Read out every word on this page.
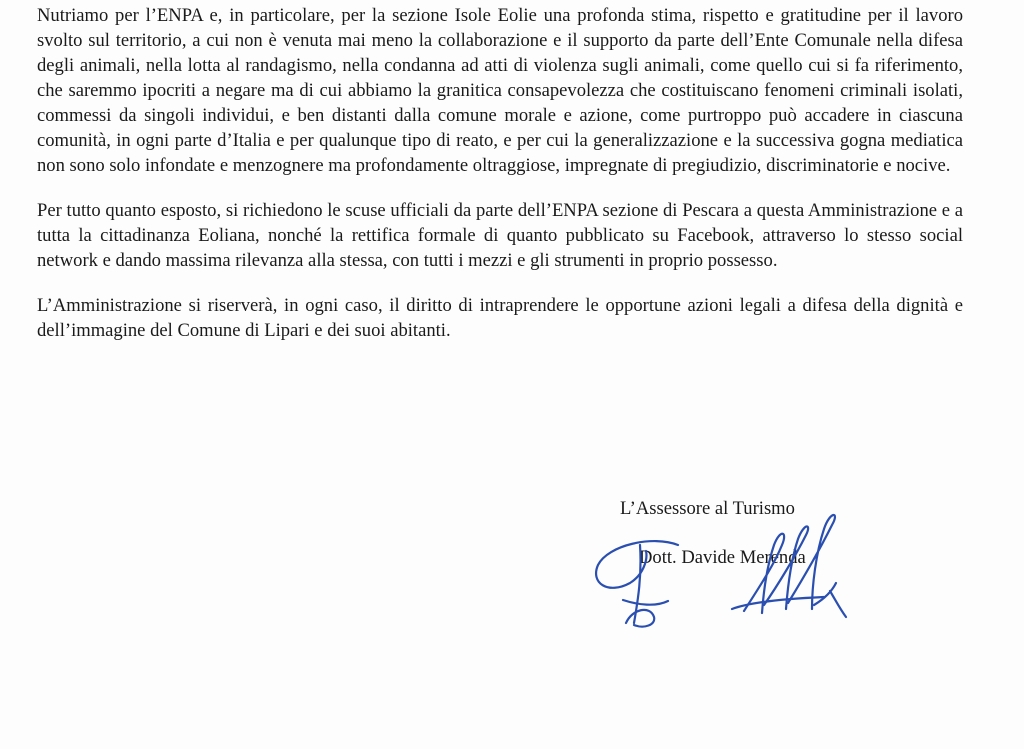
Nutriamo per l’ENPA e, in particolare, per la sezione Isole Eolie una profonda stima, rispetto e gratitudine per il lavoro svolto sul territorio, a cui non è venuta mai meno la collaborazione e il supporto da parte dell’Ente Comunale nella difesa degli animali, nella lotta al randagismo, nella condanna ad atti di violenza sugli animali, come quello cui si fa riferimento, che saremmo ipocriti a negare ma di cui abbiamo la granitica consapevolezza che costituiscano fenomeni criminali isolati, commessi da singoli individui, e ben distanti dalla comune morale e azione, come purtroppo può accadere in ciascuna comunità, in ogni parte d’Italia e per qualunque tipo di reato, e per cui la generalizzazione e la successiva gogna mediatica non sono solo infondate e menzognere ma profondamente oltraggiose, impregnate di pregiudizio, discriminatorie e nocive.

Per tutto quanto esposto, si richiedono le scuse ufficiali da parte dell’ENPA sezione di Pescara a questa Amministrazione e a tutta la cittadinanza Eoliana, nonché la rettifica formale di quanto pubblicato su Facebook, attraverso lo stesso social network e dando massima rilevanza alla stessa, con tutti i mezzi e gli strumenti in proprio possesso.

L’Amministrazione si riserverà, in ogni caso, il diritto di intraprendere le opportune azioni legali a difesa della dignità e dell’immagine del Comune di Lipari e dei suoi abitanti.

L’Assessore al Turismo
Dott. Davide Merenda
